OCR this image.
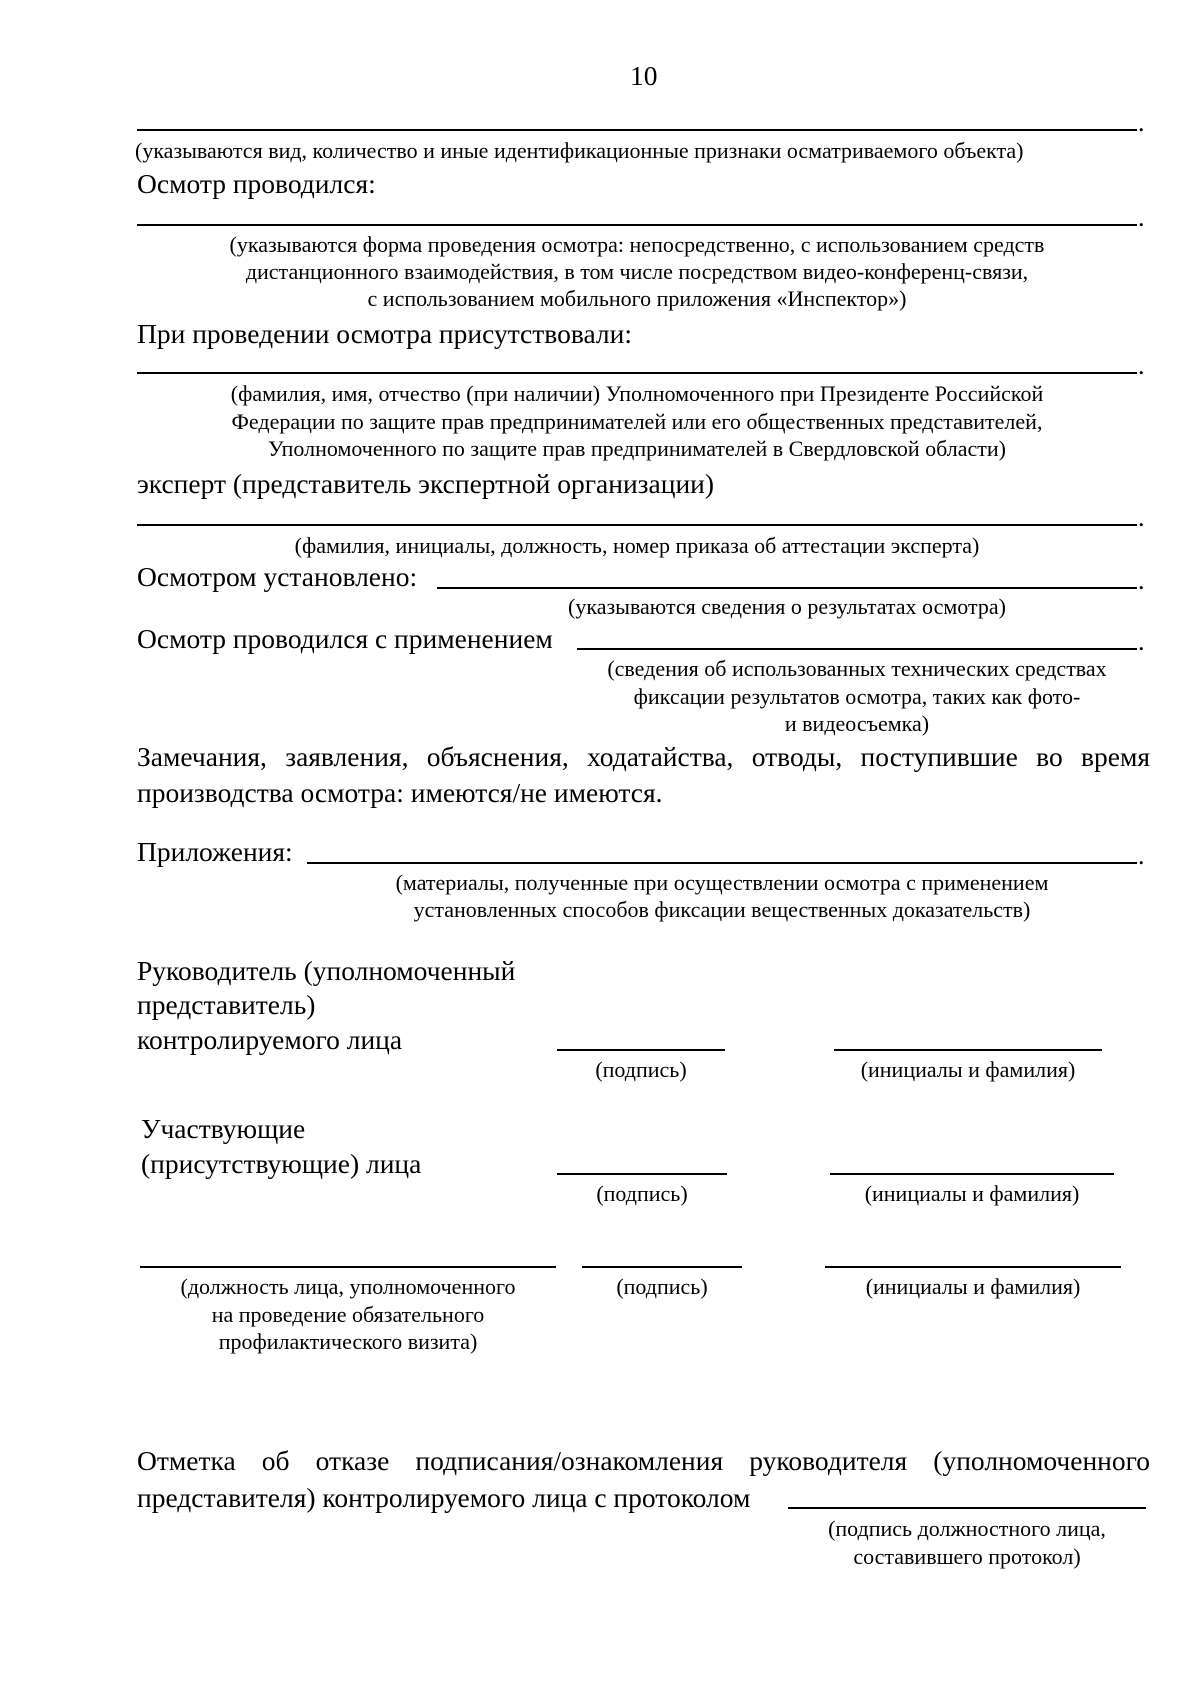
10
.
(указываются вид, количество и иные идентификационные признаки осматриваемого объекта)
Осмотр проводился:
.
(указываются форма проведения осмотра: непосредственно, с использованием средств
дистанционного взаимодействия, в том числе посредством видео-конференц-связи,
с использованием мобильного приложения «Инспектор»)
При проведении осмотра присутствовали:
.
(фамилия, имя, отчество (при наличии) Уполномоченного при Президенте Российской
Федерации по защите прав предпринимателей или его общественных представителей,
Уполномоченного по защите прав предпринимателей в Свердловской области)
эксперт (представитель экспертной организации)
.
(фамилия, инициалы, должность, номер приказа об аттестации эксперта)
Осмотром установлено:	.
(указываются сведения о результатах осмотра)
Осмотр проводился с применением	.
(сведения об использованных технических средствах
фиксации результатов осмотра, таких как фото-
и видеосъемка)
Замечания, заявления, объяснения, ходатайства, отводы, поступившие во время
производства осмотра: имеются/не имеются.
Приложения:	.
(материалы, полученные при осуществлении осмотра с применением
установленных способов фиксации вещественных доказательств)
Руководитель (уполномоченный
представитель)
контролируемого лица
(подпись)	(инициалы и фамилия)
Участвующие
(присутствующие) лица
(подпись)	(инициалы и фамилия)
(должность лица, уполномоченного
на проведение обязательного
профилактического визита)
(подпись)	(инициалы и фамилия)
Отметка об отказе подписания/ознакомления руководителя (уполномоченного
представителя) контролируемого лица с протоколом
(подпись должностного лица,
составившего протокол)
